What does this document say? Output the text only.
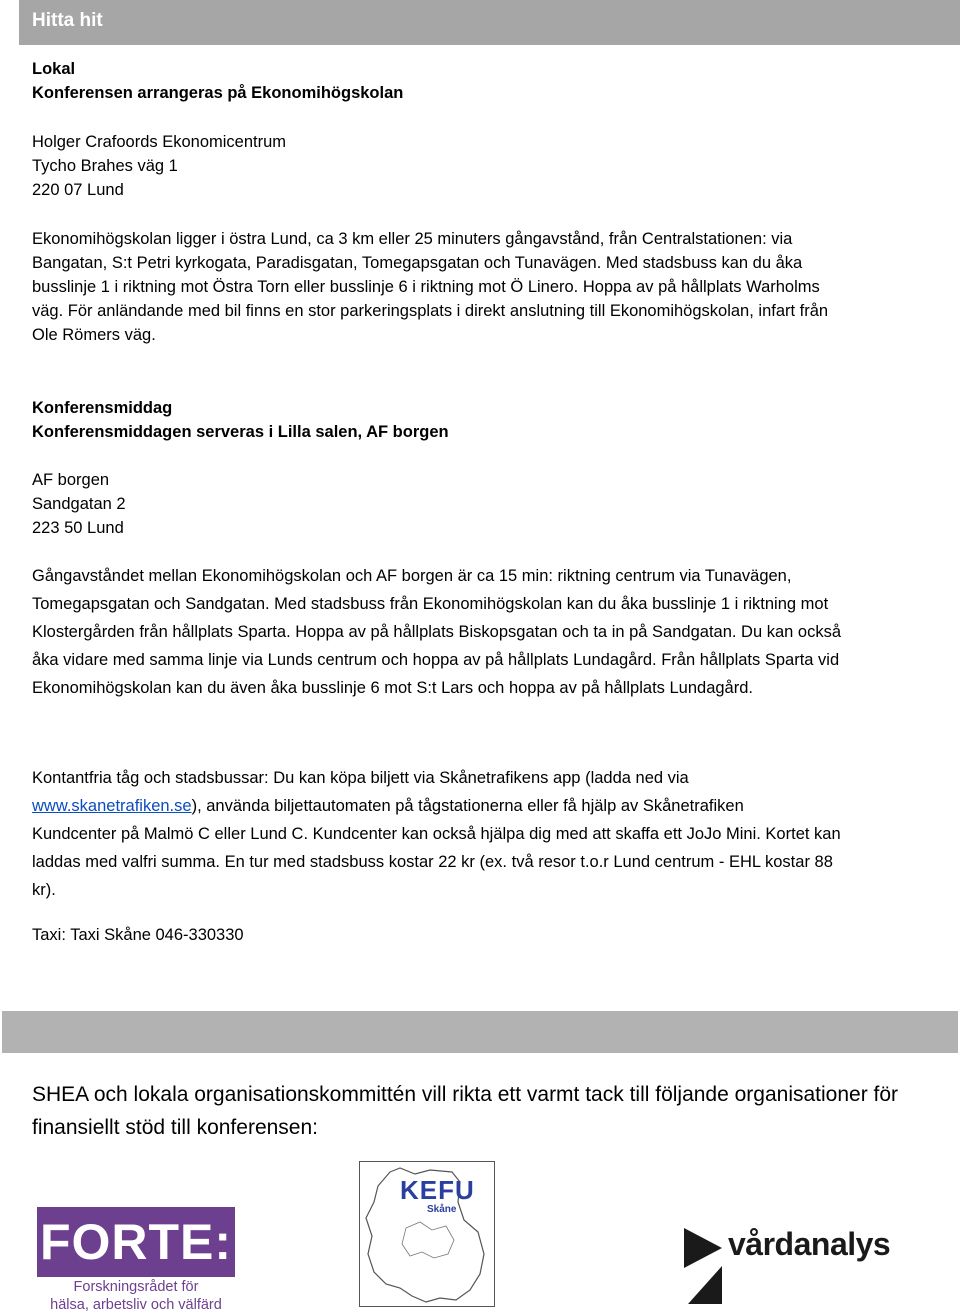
Hitta hit
Lokal
Konferensen arrangeras på Ekonomihögskolan
Holger Crafoords Ekonomicentrum
Tycho Brahes väg 1
220 07 Lund
Ekonomihögskolan ligger i östra Lund, ca 3 km eller 25 minuters gångavstånd, från Centralstationen: via
Bangatan, S:t Petri kyrkogata, Paradisgatan, Tomegapsgatan och Tunavägen. Med stadsbuss kan du åka
busslinje 1 i riktning mot Östra Torn eller busslinje 6 i riktning mot Ö Linero. Hoppa av på hållplats Warholms
väg. För anländande med bil finns en stor parkeringsplats i direkt anslutning till Ekonomihögskolan, infart från
Ole Römers väg.
Konferensmiddag
Konferensmiddagen serveras i Lilla salen, AF borgen
AF borgen
Sandgatan 2
223 50 Lund
Gångavståndet mellan Ekonomihögskolan och AF borgen är ca 15 min: riktning centrum via Tunavägen,
Tomegapsgatan och Sandgatan. Med stadsbuss från Ekonomihögskolan kan du åka busslinje 1 i riktning mot
Klostergården från hållplats Sparta. Hoppa av på hållplats Biskopsgatan och ta in på Sandgatan. Du kan också
åka vidare med samma linje via Lunds centrum och hoppa av på hållplats Lundagård. Från hållplats Sparta vid
Ekonomihögskolan kan du även åka busslinje 6 mot S:t Lars och hoppa av på hållplats Lundagård.
Kontantfria tåg och stadsbussar: Du kan köpa biljett via Skånetrafikens app (ladda ned via
www.skanetrafiken.se), använda biljettautomaten på tågstationerna eller få hjälp av Skånetrafiken
Kundcenter på Malmö C eller Lund C. Kundcenter kan också hjälpa dig med att skaffa ett JoJo Mini. Kortet kan
laddas med valfri summa. En tur med stadsbuss kostar 22 kr (ex. två resor t.o.r Lund centrum - EHL kostar 88
kr).
Taxi: Taxi Skåne 046-330330
SHEA och lokala organisationskommittén vill rikta ett varmt tack till följande organisationer för
finansiellt stöd till konferensen:
FORTE:
Forskningsrådet för
hälsa, arbetsliv och välfärd
KEFU
Skåne
vårdanalys
